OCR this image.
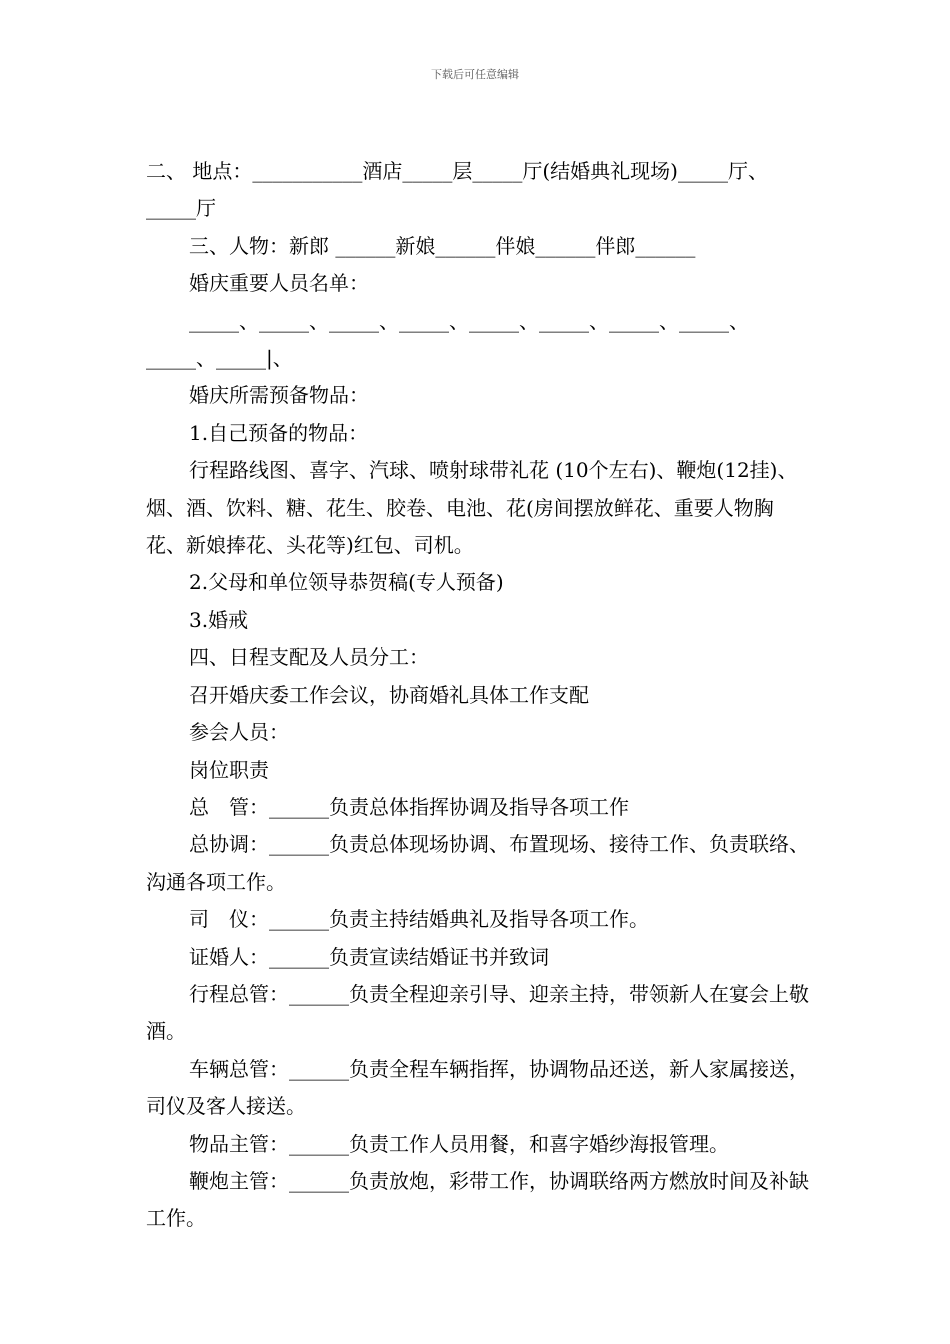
下载后可任意编辑

二、 地点：___________酒店_____层_____厅(结婚典礼现场)_____厅、_____厅

三、人物：新郎 ______新娘______伴娘______伴郎______

婚庆重要人员名单：

_____、_____、_____、_____、_____、_____、_____、_____、_____、_____|、

婚庆所需预备物品：

1.自己预备的物品：

行程路线图、喜字、汽球、喷射球带礼花 (10个左右)、鞭炮(12挂)、烟、酒、饮料、糖、花生、胶卷、电池、花(房间摆放鲜花、重要人物胸花、新娘捧花、头花等)红包、司机。

2.父母和单位领导恭贺稿(专人预备)

3.婚戒

四、日程支配及人员分工：

召开婚庆委工作会议，协商婚礼具体工作支配

参会人员：

岗位职责

总　管：______负责总体指挥协调及指导各项工作

总协调：______负责总体现场协调、布置现场、接待工作、负责联络、沟通各项工作。

司　仪：______负责主持结婚典礼及指导各项工作。

证婚人：______负责宣读结婚证书并致词

行程总管：______负责全程迎亲引导、迎亲主持，带领新人在宴会上敬酒。

车辆总管：______负责全程车辆指挥，协调物品还送，新人家属接送，司仪及客人接送。

物品主管：______负责工作人员用餐，和喜字婚纱海报管理。

鞭炮主管：______负责放炮，彩带工作，协调联络两方燃放时间及补缺工作。
